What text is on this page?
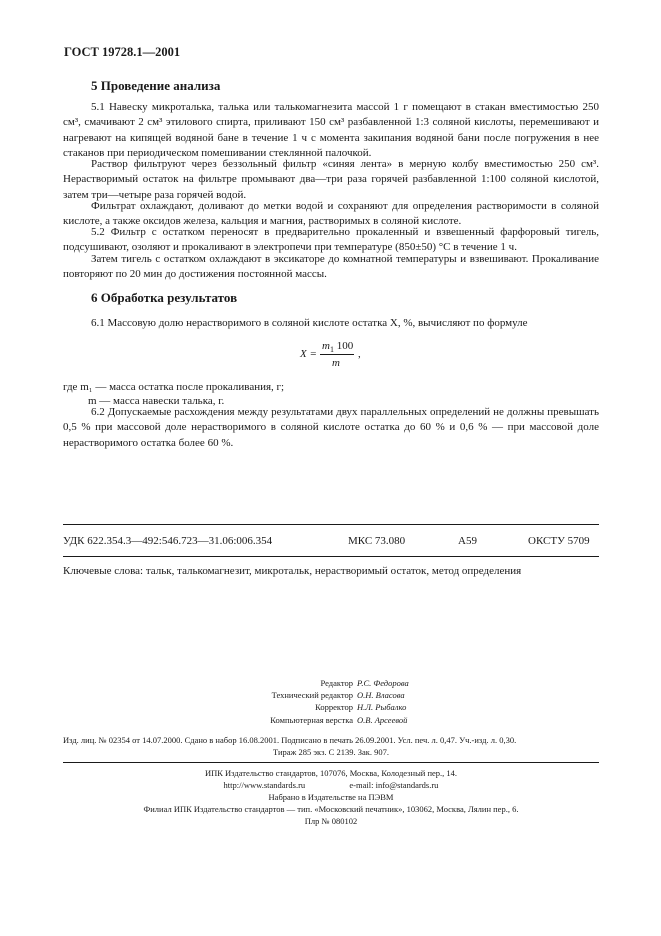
ГОСТ 19728.1—2001
5 Проведение анализа

5.1 Навеску микроталька, талька или талькомагнезита массой 1 г помещают в стакан вместимостью 250 см³, смачивают 2 см³ этилового спирта, приливают 150 см³ разбавленной 1:3 соляной кислоты, перемешивают и нагревают на кипящей водяной бане в течение 1 ч с момента закипания водяной бани после погружения в нее стаканов при периодическом помешивании стеклянной палочкой.

Раствор фильтруют через беззольный фильтр «синяя лента» в мерную колбу вместимостью 250 см³. Нерастворимый остаток на фильтре промывают два—три раза горячей разбавленной 1:100 соляной кислотой, затем три—четыре раза горячей водой.

Фильтрат охлаждают, доливают до метки водой и сохраняют для определения растворимости в соляной кислоте, а также оксидов железа, кальция и магния, растворимых в соляной кислоте.

5.2 Фильтр с остатком переносят в предварительно прокаленный и взвешенный фарфоровый тигель, подсушивают, озоляют и прокаливают в электропечи при температуре (850±50) °С в течение 1 ч.

Затем тигель с остатком охлаждают в эксикаторе до комнатной температуры и взвешивают. Прокаливание повторяют по 20 мин до достижения постоянной массы.

6 Обработка результатов

6.1 Массовую долю нерастворимого в соляной кислоте остатка X, %, вычисляют по формуле

X =
$m_1$ 100
m
,
где m₁ — масса остатка после прокаливания, г;
m — масса навески талька, г.

6.2 Допускаемые расхождения между результатами двух параллельных определений не должны превышать 0,5 % при массовой доле нерастворимого в соляной кислоте остатка до 60 % и 0,6 % — при массовой доле нерастворимого остатка более 60 %.

УДК 622.354.3—492:546.723—31.06:006.354	МКС 73.080	А59	ОКСТУ 5709
Ключевые слова: тальк, талькомагнезит, микротальк, нерастворимый остаток, метод определения
Редактор Р.С. Федорова
Технический редактор О.Н. Власова
Корректор Н.Л. Рыбалко
Компьютерная верстка О.В. Арсеевой
Изд. лиц. № 02354 от 14.07.2000. Сдано в набор 16.08.2001. Подписано в печать 26.09.2001. Усл. печ. л. 0,47. Уч.-изд. л. 0,30.
Тираж 285 экз. С 2139. Зак. 907.
ИПК Издательство стандартов, 107076, Москва, Колодезный пер., 14.
http://www.standards.ru	e-mail: info@standards.ru
Набрано в Издательстве на ПЭВМ
Филиал ИПК Издательство стандартов — тип. «Московский печатник», 103062, Москва, Лялин пер., 6.
Плр № 080102
